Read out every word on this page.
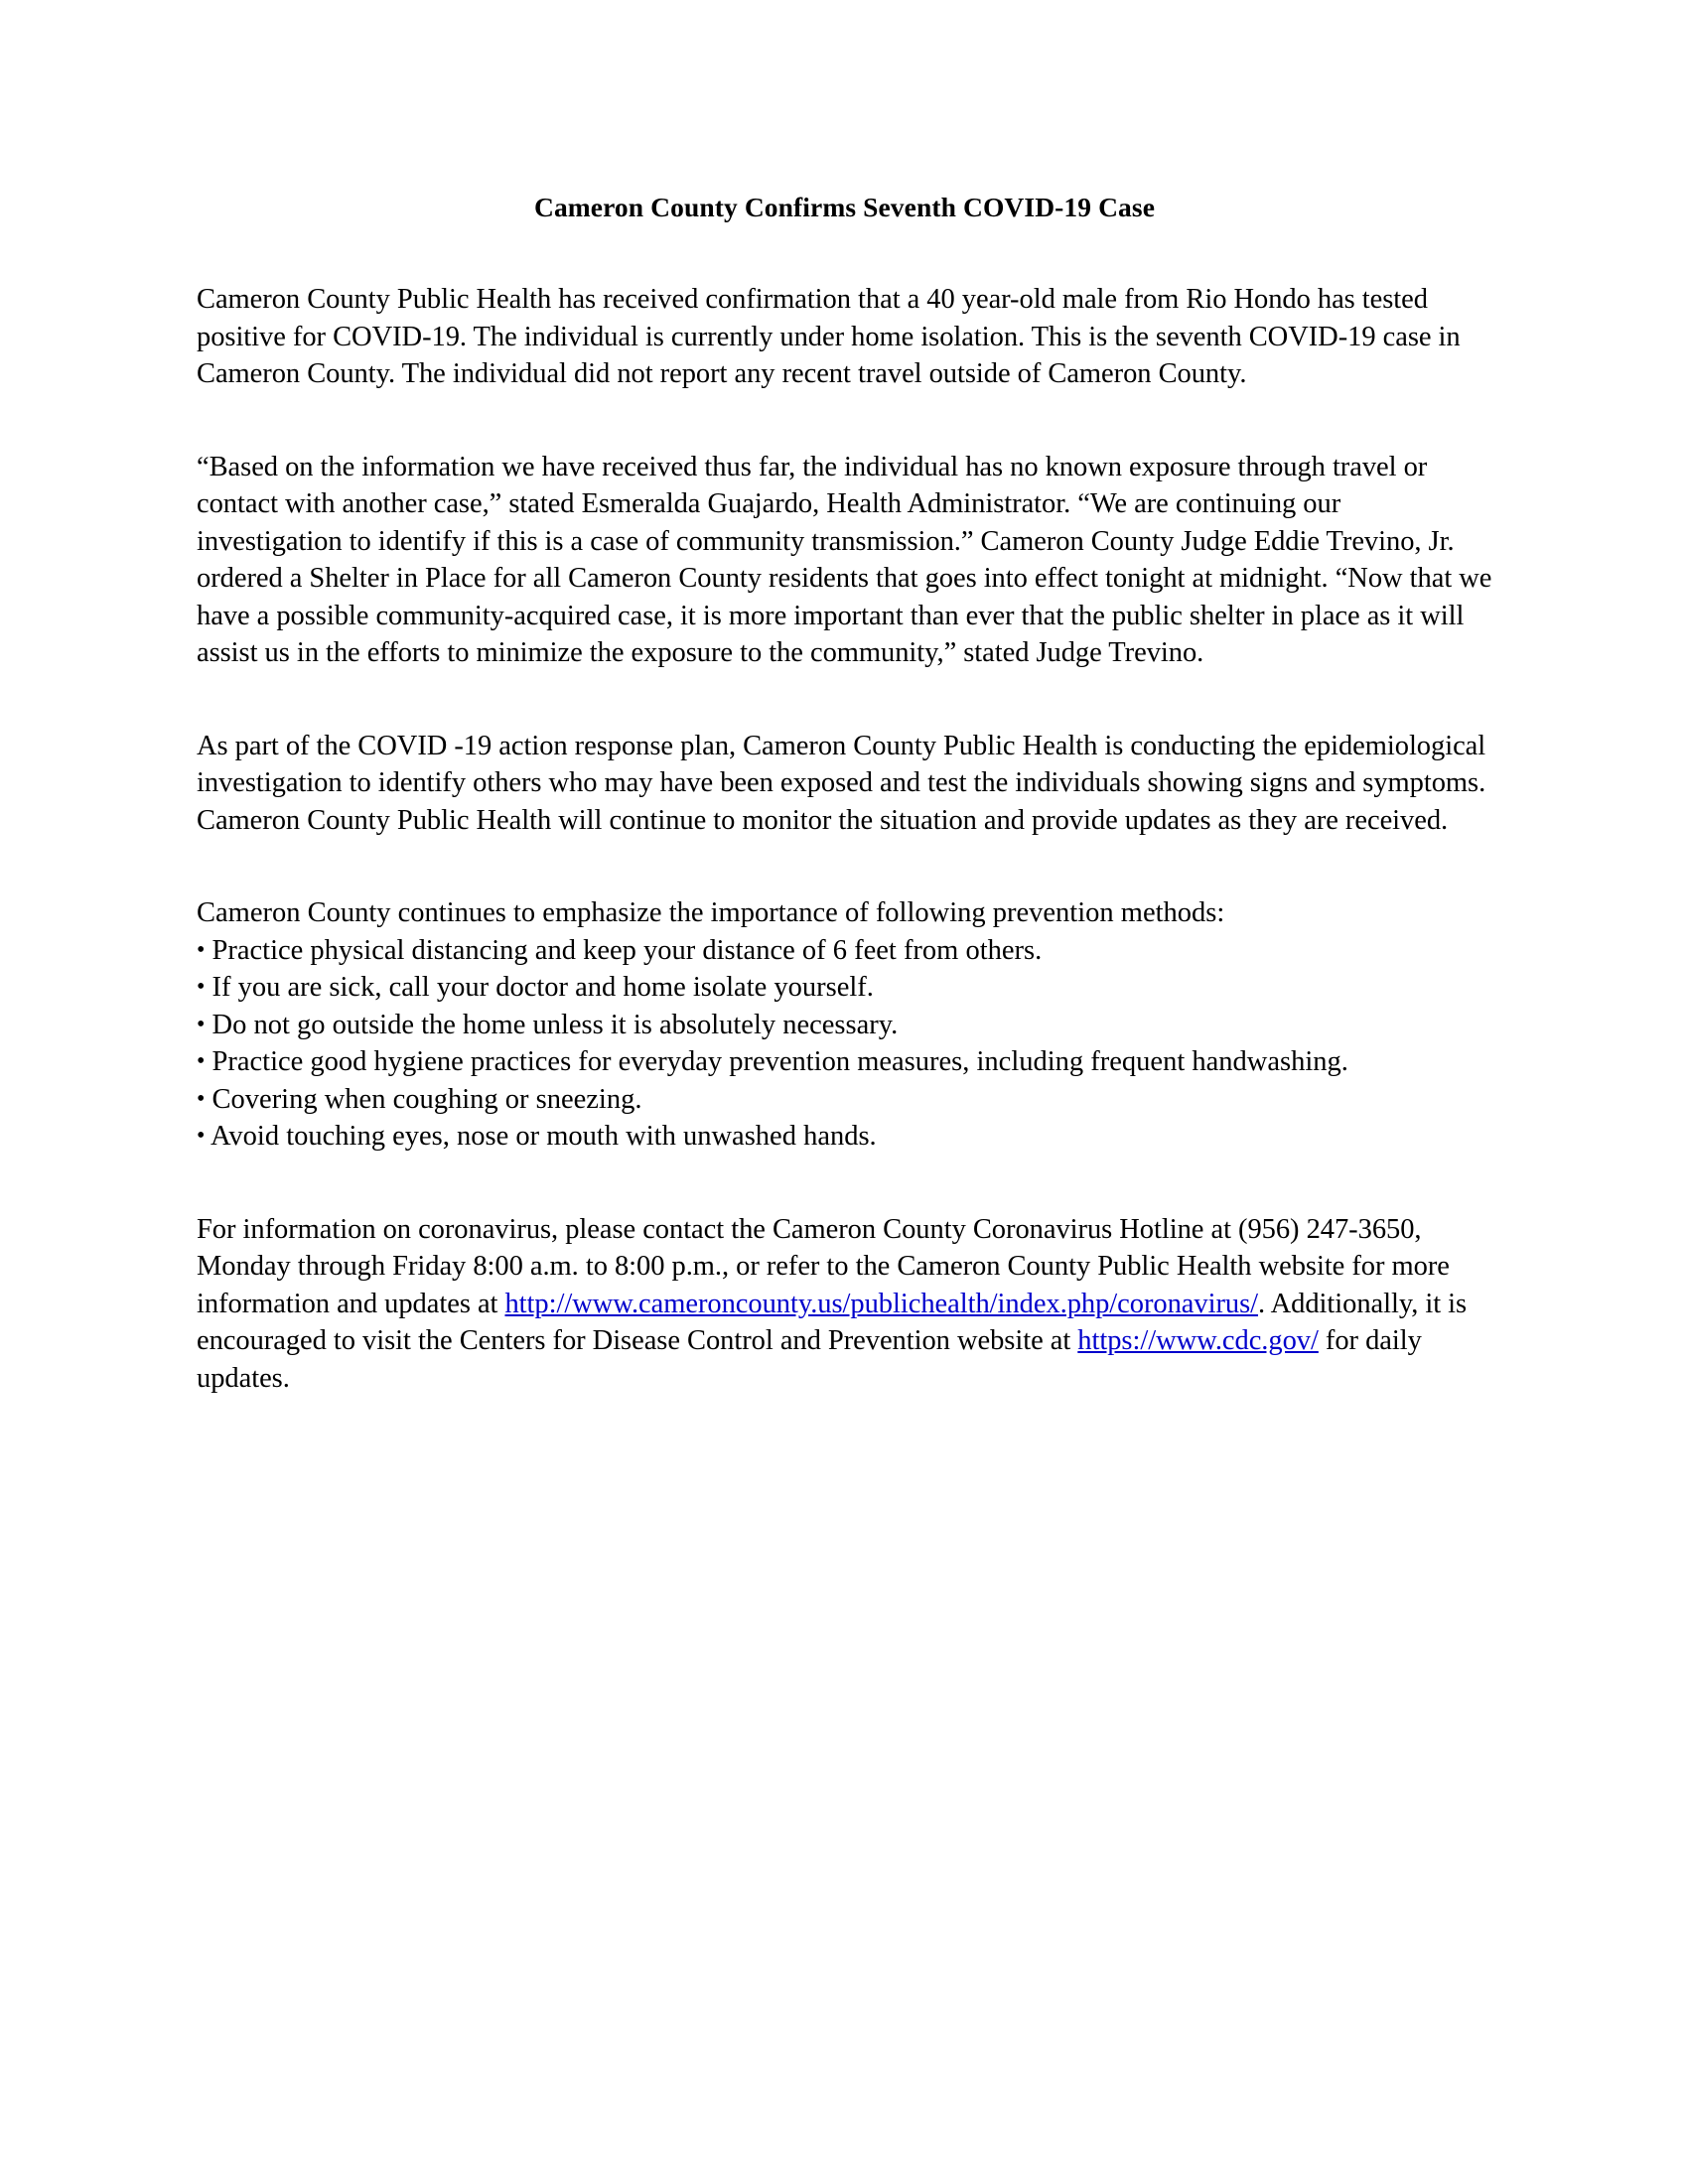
Cameron County Confirms Seventh COVID-19 Case

Cameron County Public Health has received confirmation that a 40 year-old male from Rio Hondo has tested positive for COVID-19. The individual is currently under home isolation. This is the seventh COVID-19 case in Cameron County. The individual did not report any recent travel outside of Cameron County.

“Based on the information we have received thus far, the individual has no known exposure through travel or contact with another case,” stated Esmeralda Guajardo, Health Administrator. “We are continuing our investigation to identify if this is a case of community transmission.” Cameron County Judge Eddie Trevino, Jr. ordered a Shelter in Place for all Cameron County residents that goes into effect tonight at midnight. “Now that we have a possible community-acquired case, it is more important than ever that the public shelter in place as it will assist us in the efforts to minimize the exposure to the community,” stated Judge Trevino.

As part of the COVID -19 action response plan, Cameron County Public Health is conducting the epidemiological investigation to identify others who may have been exposed and test the individuals showing signs and symptoms. Cameron County Public Health will continue to monitor the situation and provide updates as they are received.

Cameron County continues to emphasize the importance of following prevention methods:

• Practice physical distancing and keep your distance of 6 feet from others.
• If you are sick, call your doctor and home isolate yourself.
• Do not go outside the home unless it is absolutely necessary.
• Practice good hygiene practices for everyday prevention measures, including frequent handwashing.
• Covering when coughing or sneezing.
• Avoid touching eyes, nose or mouth with unwashed hands.

For information on coronavirus, please contact the Cameron County Coronavirus Hotline at (956) 247-3650, Monday through Friday 8:00 a.m. to 8:00 p.m., or refer to the Cameron County Public Health website for more information and updates at http://www.cameroncounty.us/publichealth/index.php/coronavirus/. Additionally, it is encouraged to visit the Centers for Disease Control and Prevention website at https://www.cdc.gov/ for daily updates.
